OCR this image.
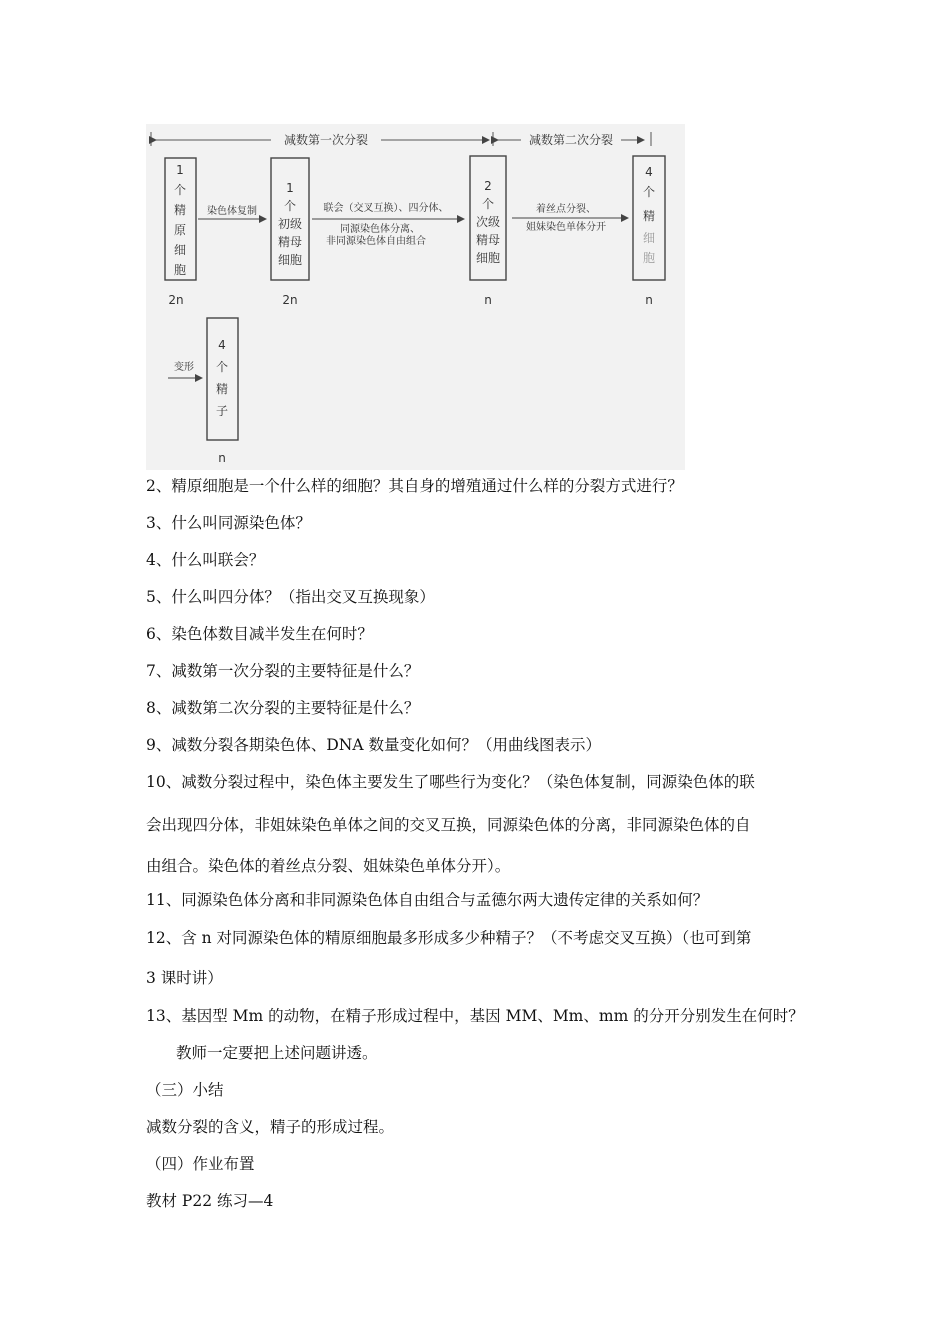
减数第一次分裂	减数第二次分裂
1
个
精
原
细
胞
2n
染色体复制
1
个
初级
精母
细胞
2n
联会（交叉互换）、四分体、
同源染色体分离、
非同源染色体自由组合
2
个
次级
精母
细胞
n
着丝点分裂、
姐妹染色单体分开
4
个
精
细
胞
n
变形
4
个
精
子
n
2、精原细胞是一个什么样的细胞？其自身的增殖通过什么样的分裂方式进行？
3、什么叫同源染色体？
4、什么叫联会？
5、什么叫四分体？（指出交叉互换现象）
6、染色体数目减半发生在何时？
7、减数第一次分裂的主要特征是什么？
8、减数第二次分裂的主要特征是什么？
9、减数分裂各期染色体、DNA 数量变化如何？（用曲线图表示）
10、减数分裂过程中，染色体主要发生了哪些行为变化？（染色体复制，同源染色体的联
会出现四分体，非姐妹染色单体之间的交叉互换，同源染色体的分离，非同源染色体的自
由组合。染色体的着丝点分裂、姐妹染色单体分开）。
11、同源染色体分离和非同源染色体自由组合与孟德尔两大遗传定律的关系如何？
12、含 n 对同源染色体的精原细胞最多形成多少种精子？（不考虑交叉互换）（也可到第
3 课时讲）
13、基因型 Mm 的动物，在精子形成过程中，基因 MM、Mm、mm 的分开分别发生在何时？
教师一定要把上述问题讲透。
（三）小结
减数分裂的含义，精子的形成过程。
（四）作业布置
教材 P22 练习—4
